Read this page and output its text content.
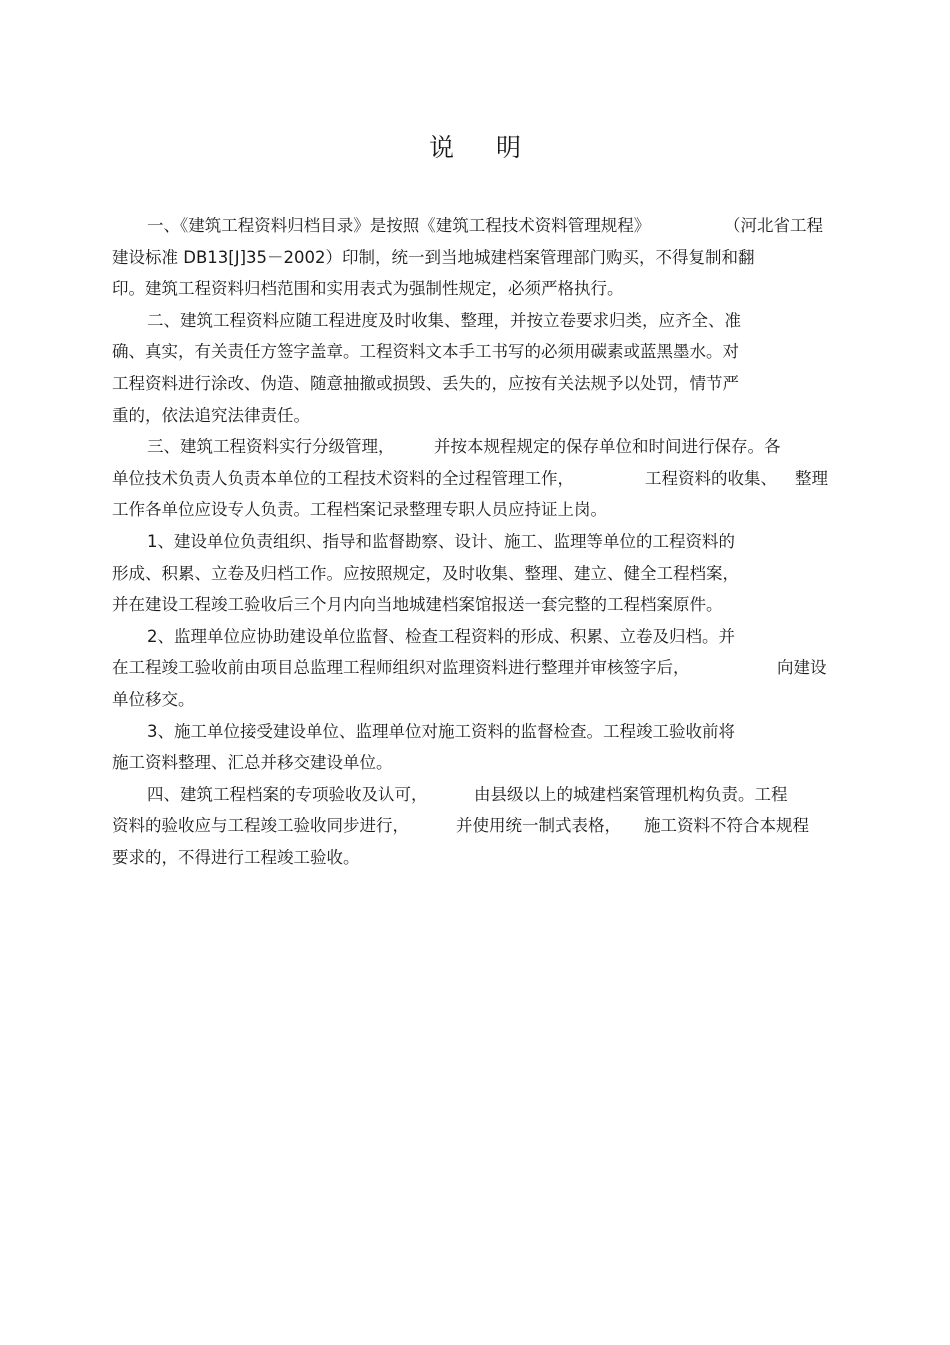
说 明
一、《建筑工程资料归档目录》是按照《建筑工程技术资料管理规程》	（河北省工程
建设标准 DB13[J]35－2002）印制，统一到当地城建档案管理部门购买，不得复制和翻
印。建筑工程资料归档范围和实用表式为强制性规定，必须严格执行。
二、建筑工程资料应随工程进度及时收集、整理，并按立卷要求归类，应齐全、准
确、真实，有关责任方签字盖章。工程资料文本手工书写的必须用碳素或蓝黑墨水。对
工程资料进行涂改、伪造、随意抽撤或损毁、丢失的，应按有关法规予以处罚，情节严
重的，依法追究法律责任。
三、建筑工程资料实行分级管理， 并按本规程规定的保存单位和时间进行保存。各
单位技术负责人负责本单位的工程技术资料的全过程管理工作，	工程资料的收集、 整理
工作各单位应设专人负责。工程档案记录整理专职人员应持证上岗。
1、建设单位负责组织、指导和监督勘察、设计、施工、监理等单位的工程资料的
形成、积累、立卷及归档工作。应按照规定，及时收集、整理、建立、健全工程档案，
并在建设工程竣工验收后三个月内向当地城建档案馆报送一套完整的工程档案原件。
2、监理单位应协助建设单位监督、检查工程资料的形成、积累、立卷及归档。并
在工程竣工验收前由项目总监理工程师组织对监理资料进行整理并审核签字后，	向建设
单位移交。
3、施工单位接受建设单位、监理单位对施工资料的监督检查。工程竣工验收前将
施工资料整理、汇总并移交建设单位。
四、建筑工程档案的专项验收及认可，	由县级以上的城建档案管理机构负责。工程
资料的验收应与工程竣工验收同步进行，	并使用统一制式表格， 施工资料不符合本规程
要求的，不得进行工程竣工验收。
